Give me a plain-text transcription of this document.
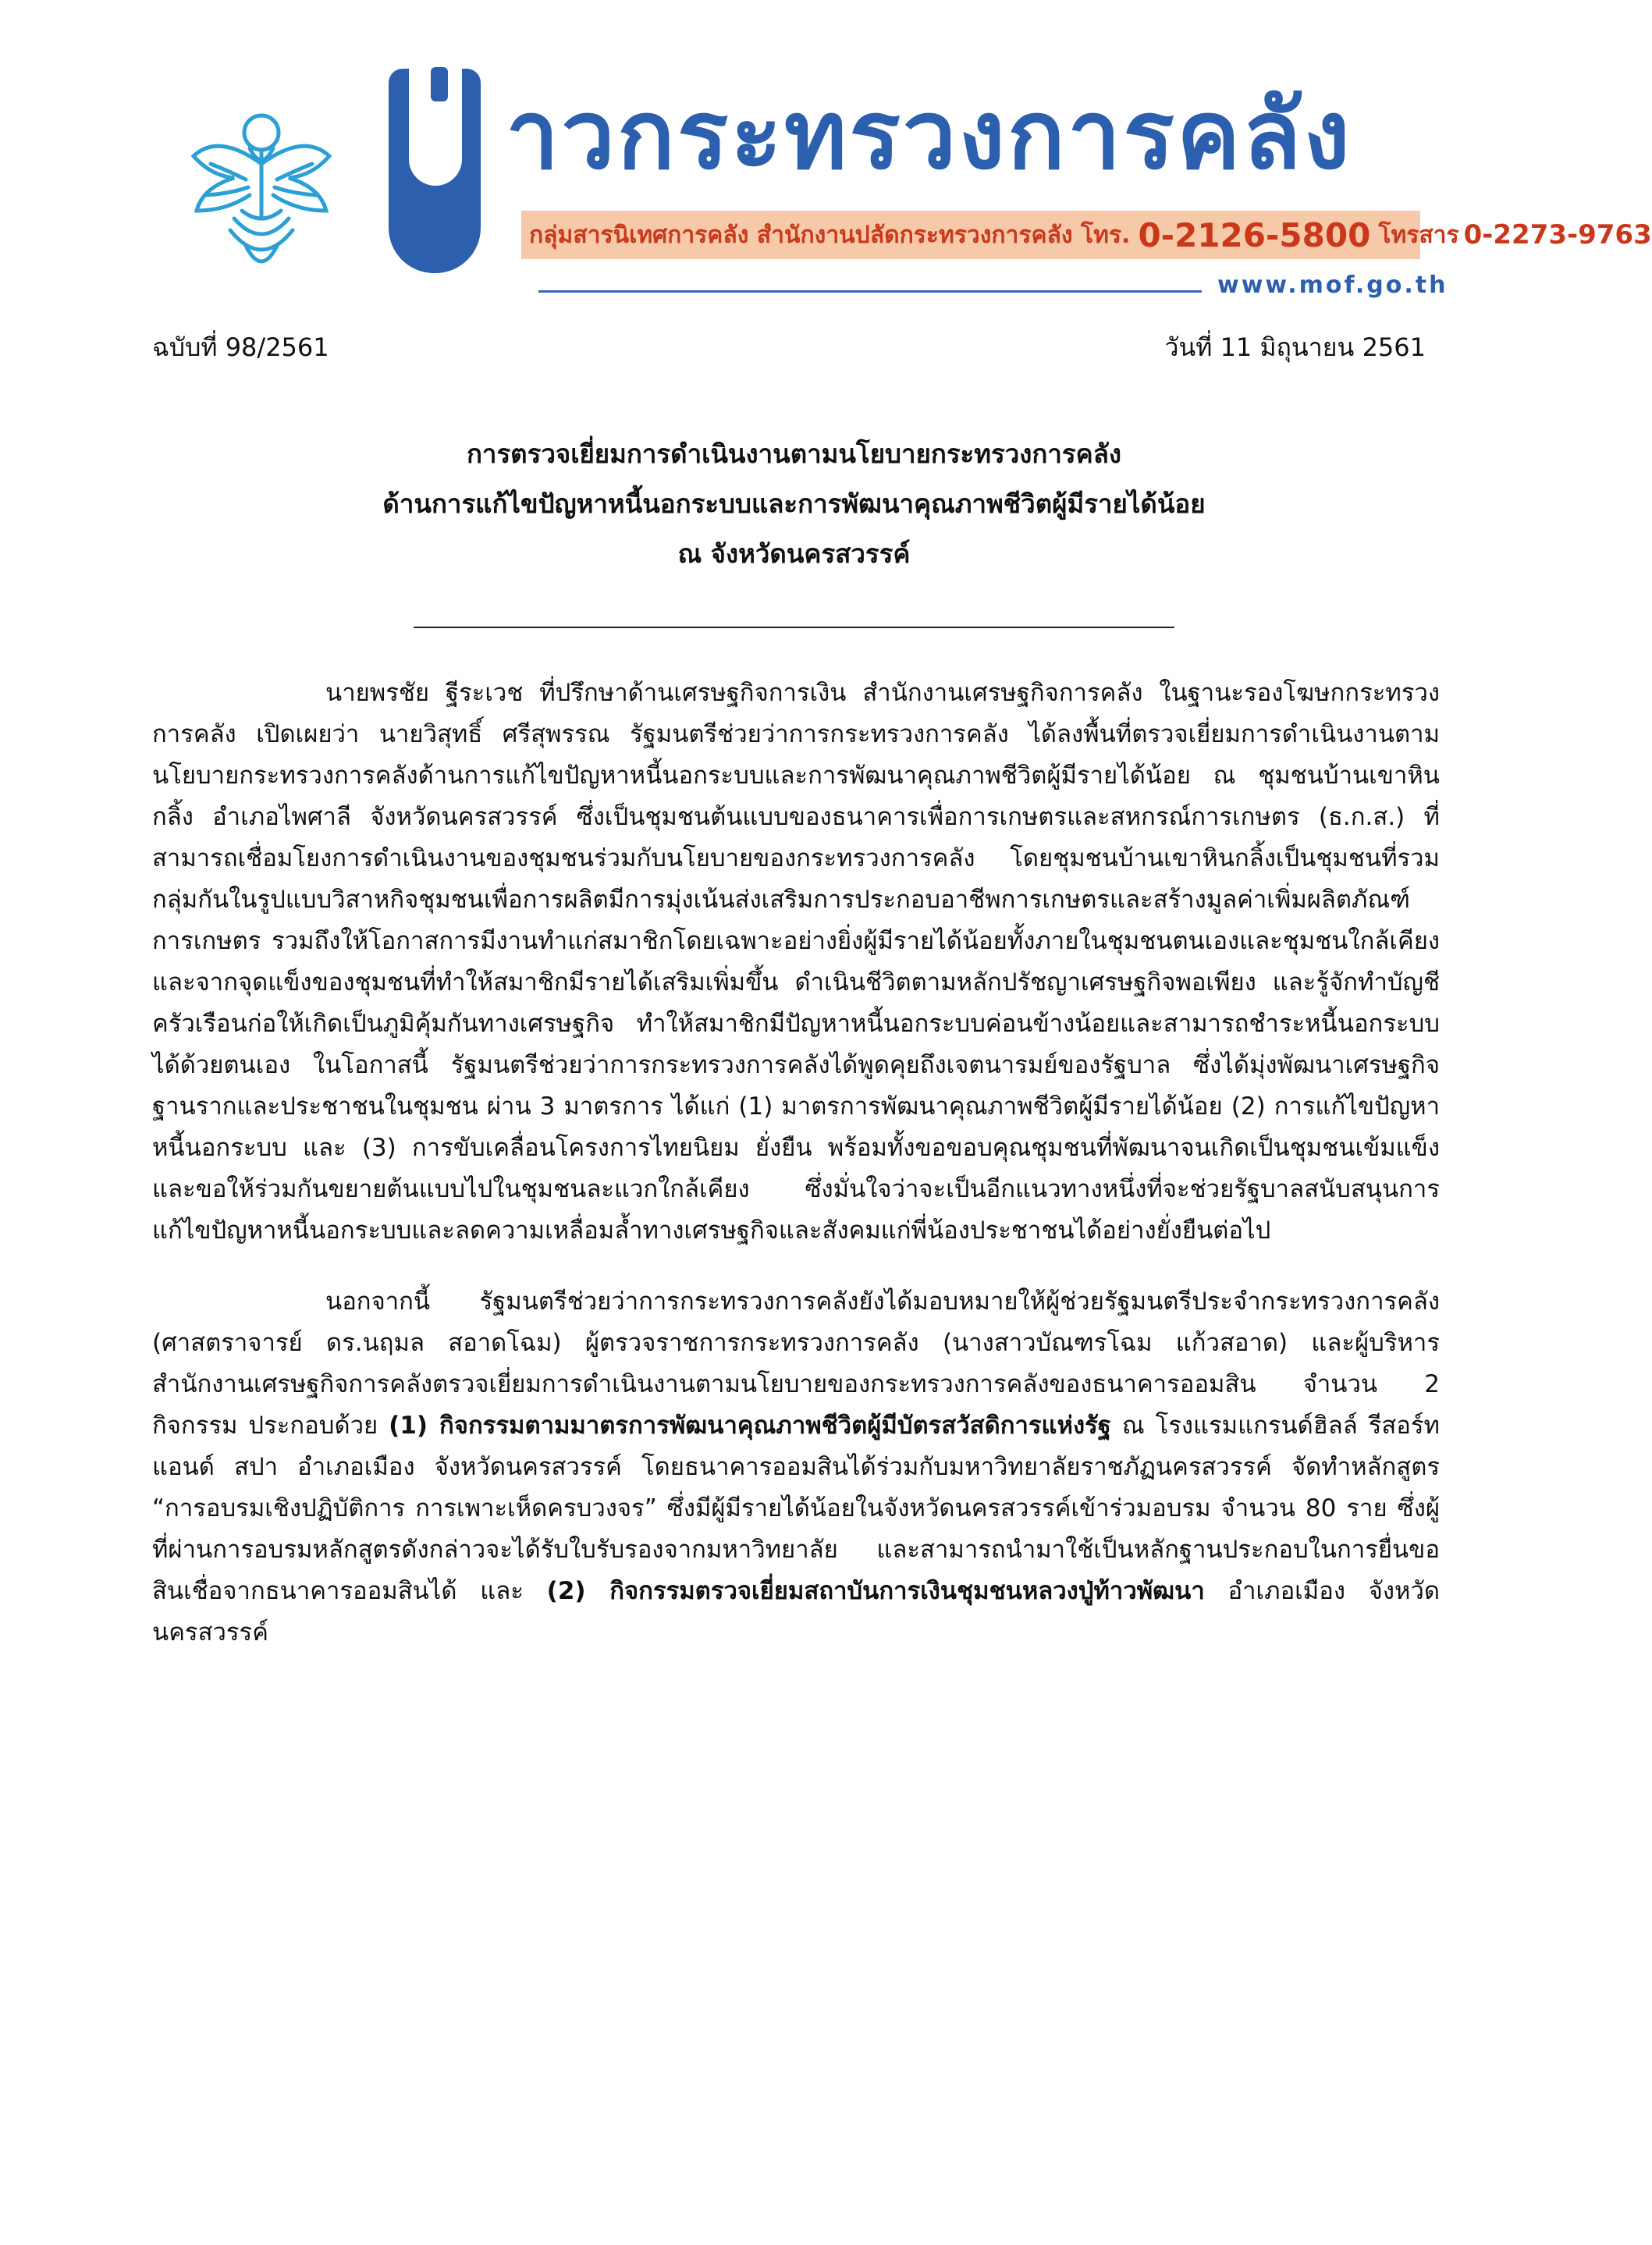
าวกระทรวงการคลัง
กลุ่มสารนิเทศการคลัง สำนักงานปลัดกระทรวงการคลัง
โทร. 0-2126-5800 โทรสาร 0-2273-9763
www.mof.go.th
ฉบับที่ 98/2561	วันที่ 11 มิถุนายน 2561
การตรวจเยี่ยมการดำเนินงานตามนโยบายกระทรวงการคลัง
ด้านการแก้ไขปัญหาหนี้นอกระบบและการพัฒนาคุณภาพชีวิตผู้มีรายได้น้อย
ณ จังหวัดนครสวรรค์

นายพรชัย ฐีระเวช ที่ปรึกษาด้านเศรษฐกิจการเงิน สำนักงานเศรษฐกิจการคลัง ในฐานะรองโฆษกกระทรวงการคลัง เปิดเผยว่า นายวิสุทธิ์ ศรีสุพรรณ รัฐมนตรีช่วยว่าการกระทรวงการคลัง ได้ลงพื้นที่ตรวจเยี่ยมการดำเนินงานตามนโยบายกระทรวงการคลังด้านการแก้ไขปัญหาหนี้นอกระบบและการพัฒนาคุณภาพชีวิตผู้มีรายได้น้อย ณ ชุมชนบ้านเขาหินกลิ้ง อำเภอไพศาลี จังหวัดนครสวรรค์ ซึ่งเป็นชุมชนต้นแบบของธนาคารเพื่อการเกษตรและสหกรณ์การเกษตร (ธ.ก.ส.) ที่สามารถเชื่อมโยงการดำเนินงานของชุมชนร่วมกับนโยบายของกระทรวงการคลัง โดยชุมชนบ้านเขาหินกลิ้งเป็นชุมชนที่รวมกลุ่มกันในรูปแบบวิสาหกิจชุมชนเพื่อการผลิตมีการมุ่งเน้นส่งเสริมการประกอบอาชีพการเกษตรและสร้างมูลค่าเพิ่มผลิตภัณฑ์การเกษตร รวมถึงให้โอกาสการมีงานทำแก่สมาชิกโดยเฉพาะอย่างยิ่งผู้มีรายได้น้อยทั้งภายในชุมชนตนเองและชุมชนใกล้เคียง และจากจุดแข็งของชุมชนที่ทำให้สมาชิกมีรายได้เสริมเพิ่มขึ้น ดำเนินชีวิตตามหลักปรัชญาเศรษฐกิจพอเพียง และรู้จักทำบัญชีครัวเรือนก่อให้เกิดเป็นภูมิคุ้มกันทางเศรษฐกิจ ทำให้สมาชิกมีปัญหาหนี้นอกระบบค่อนข้างน้อยและสามารถชำระหนี้นอกระบบได้ด้วยตนเอง ในโอกาสนี้ รัฐมนตรีช่วยว่าการกระทรวงการคลังได้พูดคุยถึงเจตนารมย์ของรัฐบาล ซึ่งได้มุ่งพัฒนาเศรษฐกิจฐานรากและประชาชนในชุมชน ผ่าน 3 มาตรการ ได้แก่ (1) มาตรการพัฒนาคุณภาพชีวิตผู้มีรายได้น้อย (2) การแก้ไขปัญหาหนี้นอกระบบ และ (3) การขับเคลื่อนโครงการไทยนิยม ยั่งยืน พร้อมทั้งขอขอบคุณชุมชนที่พัฒนาจนเกิดเป็นชุมชนเข้มแข็ง และขอให้ร่วมกันขยายต้นแบบไปในชุมชนละแวกใกล้เคียง ซึ่งมั่นใจว่าจะเป็นอีกแนวทางหนึ่งที่จะช่วยรัฐบาลสนับสนุนการแก้ไขปัญหาหนี้นอกระบบและลดความเหลื่อมล้ำทางเศรษฐกิจและสังคมแก่พี่น้องประชาชนได้อย่างยั่งยืนต่อไป

นอกจากนี้ รัฐมนตรีช่วยว่าการกระทรวงการคลังยังได้มอบหมายให้ผู้ช่วยรัฐมนตรีประจำกระทรวงการคลัง (ศาสตราจารย์ ดร.นฤมล สอาดโฉม) ผู้ตรวจราชการกระทรวงการคลัง (นางสาวบัณฑรโฉม แก้วสอาด) และผู้บริหารสำนักงานเศรษฐกิจการคลังตรวจเยี่ยมการดำเนินงานตามนโยบายของกระทรวงการคลังของธนาคารออมสิน จำนวน 2 กิจกรรม ประกอบด้วย (1) กิจกรรมตามมาตรการพัฒนาคุณภาพชีวิตผู้มีบัตรสวัสดิการแห่งรัฐ ณ โรงแรมแกรนด์ฮิลล์ รีสอร์ท แอนด์ สปา อำเภอเมือง จังหวัดนครสวรรค์ โดยธนาคารออมสินได้ร่วมกับมหาวิทยาลัยราชภัฏนครสวรรค์ จัดทำหลักสูตร “การอบรมเชิงปฏิบัติการ การเพาะเห็ดครบวงจร” ซึ่งมีผู้มีรายได้น้อยในจังหวัดนครสวรรค์เข้าร่วมอบรม จำนวน 80 ราย ซึ่งผู้ที่ผ่านการอบรมหลักสูตรดังกล่าวจะได้รับใบรับรองจากมหาวิทยาลัย และสามารถนำมาใช้เป็นหลักฐานประกอบในการยื่นขอสินเชื่อจากธนาคารออมสินได้ และ (2) กิจกรรมตรวจเยี่ยมสถาบันการเงินชุมชนหลวงปู่ท้าวพัฒนา อำเภอเมือง จังหวัดนครสวรรค์
